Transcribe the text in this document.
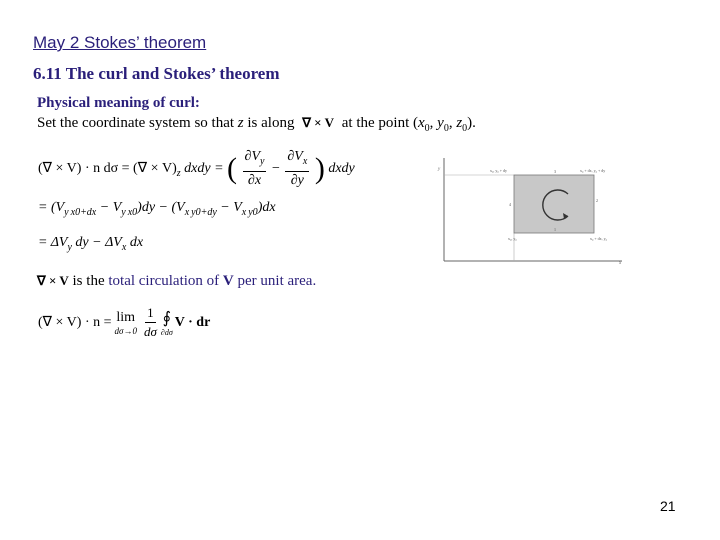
May 2 Stokes’ theorem
6.11 The curl and Stokes’ theorem
Physical meaning of curl:
Set the coordinate system so that z is along ∇ × V at the point ($x_0$, $y_0$, $z_0$).
(∇ × V) · n dσ = (∇ × $V)_z$ dxdy = ( $\frac{\partial V_y}{\partial x} - \frac{\partial V_x}{\partial y}$ ) dxdy
= ($V_y$ $_{x0+dx} - V_y$ $_{x0})dy - (V_x$ $_{y0+dy} - V_x$ $_{y0}$)dx
= $\Delta V_y$ dy − $\Delta V_x$ dx
∇ × V is the total circulation of V per unit area.
(∇ × V) · n = lim
$d\sigma\to 0 \frac{1}{d\sigma}$ ∮
∂dσ
V · dr
y
x
x₀, y₀ + dy	x₀ + dx, y₀ + dy
x₀, y₀	x₀ + dx, y₀
4
2
3
1
21
